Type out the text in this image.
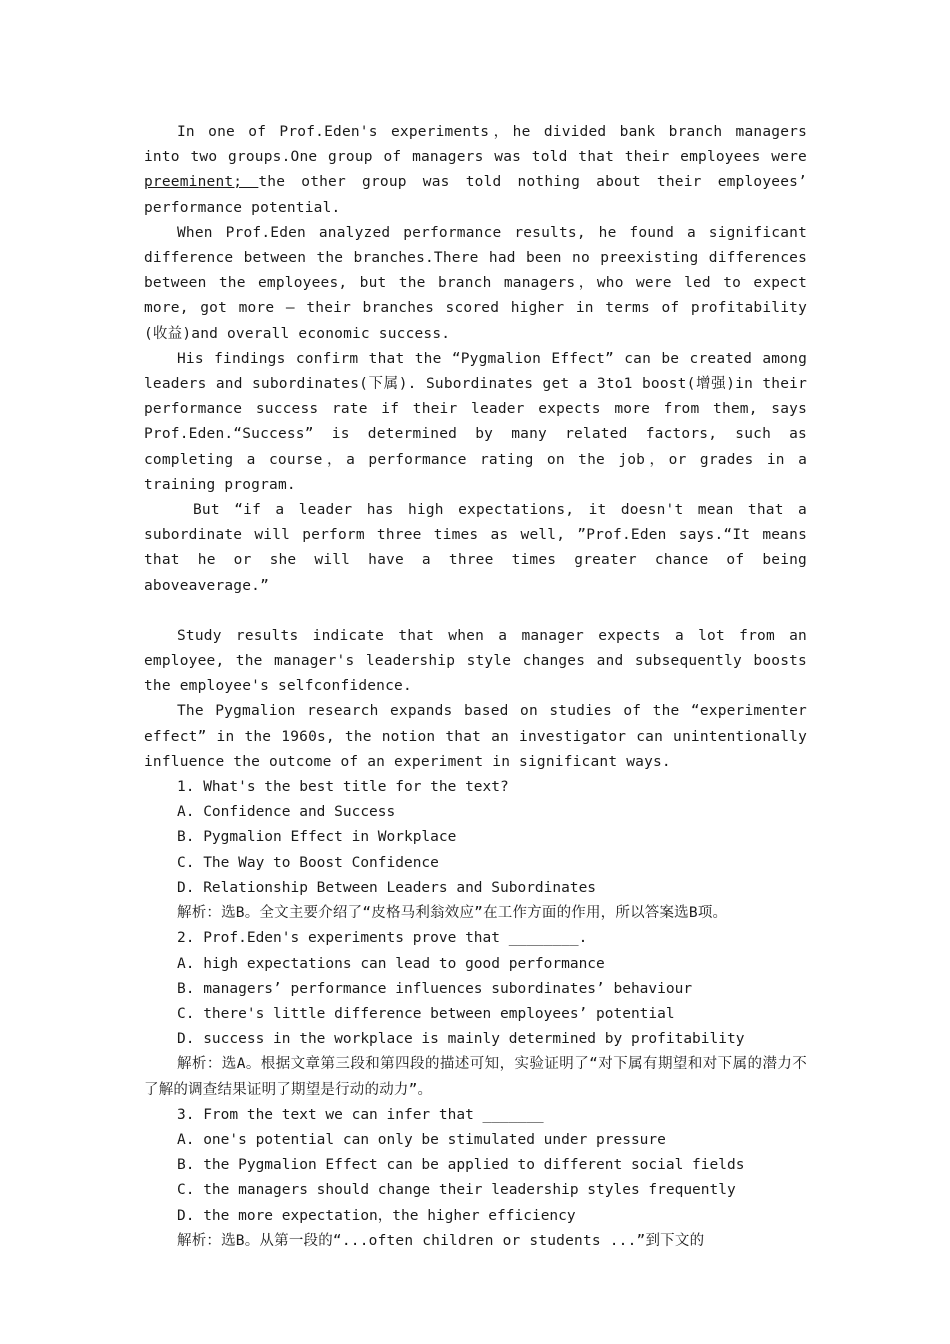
In one of Prof.Eden's experiments，he divided bank branch managers into two groups.One group of managers was told that their employees were preeminent; the other group was told nothing about their employees’ performance potential.

When Prof.Eden analyzed performance results, he found a significant difference between the branches.There had been no preexisting differences between the employees, but the branch managers，who were led to expect more, got more — their branches scored higher in terms of profitability (收益)and overall economic success.

His findings confirm that the “Pygmalion Effect” can be created among leaders and subordinates(下属). Subordinates get a 3to1 boost(增强)in their performance success rate if their leader expects more from them, says Prof.Eden.“Success” is determined by many related factors, such as completing a course，a performance rating on the job，or grades in a training program.

But “if a leader has high expectations, it doesn't mean that a subordinate will perform three times as well, ”Prof.Eden says.“It means that he or she will have a three times greater chance of being aboveaverage.”

Study results indicate that when a manager expects a lot from an employee, the manager's leadership style changes and subsequently boosts the employee's selfconfidence.

The Pygmalion research expands based on studies of the “experimenter effect” in the 1960s, the notion that an investigator can unintentionally influence the outcome of an experiment in significant ways.

1. What's the best title for the text?

A. Confidence and Success

B. Pygmalion Effect in Workplace

C. The Way to Boost Confidence

D. Relationship Between Leaders and Subordinates

解析：选B。全文主要介绍了“皮格马利翁效应”在工作方面的作用，所以答案选B项。

2. Prof.Eden's experiments prove that ________.

A. high expectations can lead to good performance

B. managers’ performance influences subordinates’ behaviour

C. there's little difference between employees’ potential

D. success in the workplace is mainly determined by profitability

解析：选A。根据文章第三段和第四段的描述可知，实验证明了“对下属有期望和对下属的潜力不了解的调查结果证明了期望是行动的动力”。

3. From the text we can infer that _______

A. one's potential can only be stimulated under pressure

B. the Pygmalion Effect can be applied to different social fields

C. the managers should change their leadership styles frequently

D. the more expectation，the higher efficiency

解析：选B。从第一段的“...often children or students ...”到下文的
